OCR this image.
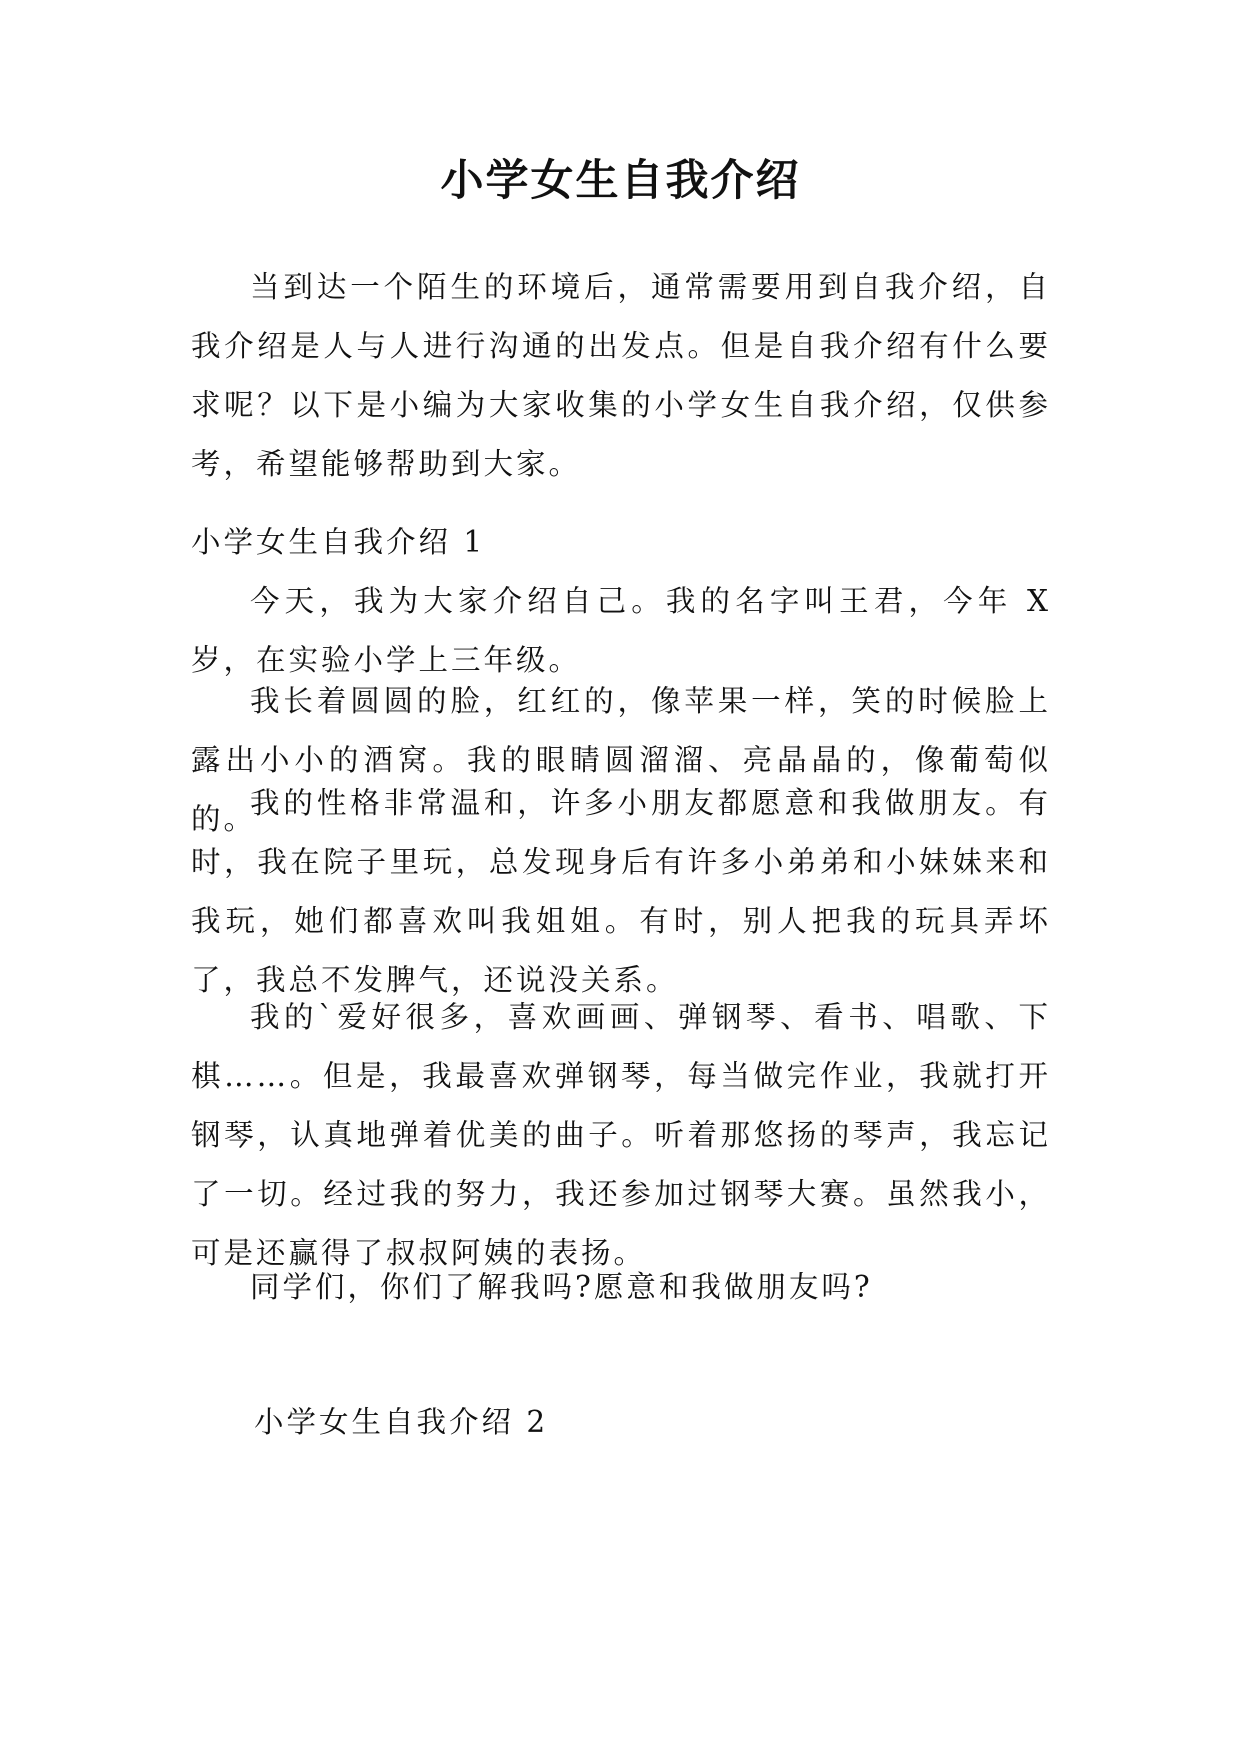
小学女生自我介绍

当到达一个陌生的环境后，通常需要用到自我介绍，自我介绍是人与人进行沟通的出发点。但是自我介绍有什么要求呢？以下是小编为大家收集的小学女生自我介绍，仅供参考，希望能够帮助到大家。

小学女生自我介绍 1

今天，我为大家介绍自己。我的名字叫王君，今年 X 岁，在实验小学上三年级。

我长着圆圆的脸，红红的，像苹果一样，笑的时候脸上露出小小的酒窝。我的眼睛圆溜溜、亮晶晶的，像葡萄似的。

我的性格非常温和，许多小朋友都愿意和我做朋友。有时，我在院子里玩，总发现身后有许多小弟弟和小妹妹来和我玩，她们都喜欢叫我姐姐。有时，别人把我的玩具弄坏了，我总不发脾气，还说没关系。

我的`爱好很多，喜欢画画、弹钢琴、看书、唱歌、下棋……。但是，我最喜欢弹钢琴，每当做完作业，我就打开钢琴，认真地弹着优美的曲子。听着那悠扬的琴声，我忘记了一切。经过我的努力，我还参加过钢琴大赛。虽然我小，可是还赢得了叔叔阿姨的表扬。

同学们，你们了解我吗?愿意和我做朋友吗?

小学女生自我介绍 2
